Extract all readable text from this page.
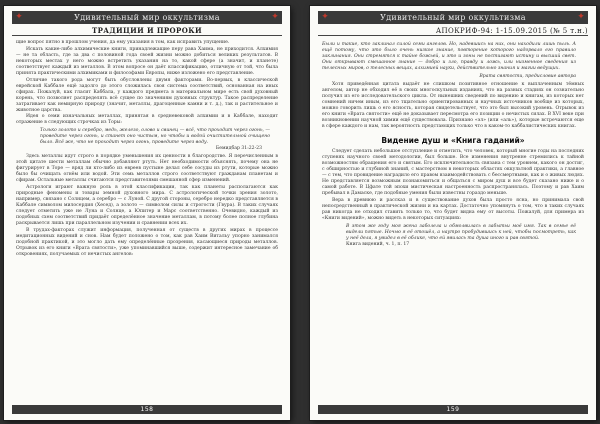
✦	Удивительный мир оккультизма	✦
ТРАДИЦИИ И ПРОРОКИ

щие вопрос пятно в прошлом учения, да ему указания в том, как исправить упущение.

Искать какие-либо алхимические книги, принадлежащие перу рава Хаима, не приходится. Алхимия — не та область, где за два с половиной года своей жизни можно добиться великих результатов. В некоторых местах у него можно встретить указания на то, какой сфере (а значит, и планете) соответствует каждый из металлов. В этом вопросе он даёт классификацию, отличную от той, что была принята практическими алхимиками и философами Европы, ниже изложено его представление.

Отличие такого рода могут быть обусловлены двумя факторами. Во-первых, в классической еврейской Каббале ещё задолго до этого сложилась своя система соответствий, основанная на иных сфирах. Пожалуй, как гласит Каббала, у каждого предмета в материальном мире есть свой духовный корень, что позволяет распределять всё сущее по значениям духовных структур. Такое распределение затрагивает как немирную природу (значит, металлы, драгоценные камни и т. д.), так и растительное и животное царства.

Идея о семи изначальных металлах, принятая в средневековой алхимии и в Каббале, находит отражение в следующих строчках из Торы:

Только золото и серебро, медь, железо, олово и свинец — всё, что проходит через огонь, — проведите через огонь, и станет оно чистым, но чтобы и водой очистительной очищено было. Всё же, что не проходит через огонь, проведите через воду.
Бемидбар 31:22-23

Здесь металлы идут строго в порядке уменьшения их ценности в благородстве. Я перечисленным в этой цитате шести металлам обычно добавляют ртуть. Нет необходимости объяснять, почему она не фигурирует в Торе — вряд ли кто-либо из евреев пустыне делал себе сосуды из ртути, которые можно было бы очищать огнём или водой. Эти семь металлов строго соответствуют гражданам планетам и сфирам. Остальные металлы считаются представителями смешанной сфер изменений.

Астрологи играют важную роль в этой классификации, так как планеты располагаются как природные феномены и товары земной духовного мира. С астрологической точки зрения золото, например, связано с Солнцем, а серебро — с Луной. С другой стороны, серебро нередко представляется в Каббале символом милосердия (Хесед), а золото — символом силы и строгости (Гвура). В таких случаях следует отметить уже не Луна и Солнце, а Юпитер и Марс соответственно. Очевидно, каждый из подобных схем соответствий придаёт определённое значение металлам, в потому более полное глубина раскрывается лишь при параллельном изучении и сравнении всех их.

В трудах-факторах служит информация, полученная от существ в других мирах в процессе медитационных видений и снов. Нам будет положено о том, как рав Хаим Витальу упорно занимался подобной практикой, и это могло дать ему определённые прозрения, касающиеся природы металлов. Отрывок из его книги «Врата святости», уже упоминавшийся выше, содержит интересное замечание об откровениях, получаемых от нечистых ангелов:

158
✦	Удивительный мир оккультизма	✦
АПОКРИФ-94: 1-15.09.2015 (№ 5 т.н.)
Были и такие, кто заклинал силой семи ангелов. Но, надевшись на них, они находили лишь пыль. А ещё потому, что это было очень низкое знание, повторение которого надорвало его правило заклинания. Они стремятся к тайне божьей, и это и зоны не постигают истину и высший свет. Они открывают смешанное знание — добро и зло, правду и ложь, или низменное сведения из телесных миров, о телесных вещах, алхимией науки, действительно знания и магии ведущих.
Врата святости, предисловие автора

Хотя приведённая цитата выдаёт не слишком позитивное отношение к выплаченным тёмных ангелом, автор не обходил её в своих многоскульных изданиях, что на разных стадиях он сознательно получил из его исследовательского цикла. От нынешних сведений по видению и книгам, из которых нет сомнений ничем иным, из его тщательно ориентированных и научных источников вообще из которых, можно говорить лишь о его ясность, которая свидетельствует, что это был высокий уровень. Отрывок из его книги «Врата святости» ещё не доказывает пересмотра его позиции о нечистых силах. В XVI веке при возникновении научной химии ещё существовала. Признано «эл» (или «аль»), которые встречаются еще в сфере каждого и нам, так вероятность предстающих только что в каком-то каббалистических книгах.

Видение душ и «Книга гаданий»

Следует сделать небольшое отступление и отметить, что человек, который многие годы на последних ступенях научного своей методологии, был больше. Все изменения внутренне стремились к тайной возможностям обращения его и святым. Его исключительность связана с тем уровнем, какого он достиг, с обширностью и глубиной знаний, с мастерством в некоторых областях оккультной практики, а главное — с тем, что провидение наградило его правом взаимодействовать с бессмертными, как и о живых людях. Не представляется возможным познакомиться и общаться с миром душ и все будет сказано ниже и о самой работе. В Цфате той эпохи мистическая настроенность распространялась. Поэтому и рав Хаим пребывал в Дамаске, где подобные умения были известны гораздо меньше.

Вера в древнюю и рассказ и в существование духов была просто ясна, но принимала свой непосредственный в практической жизни и на картах. Достаточно упомянуть о том, что в таких случаях рав никогда не отходил ставить только то, что будет видна ему от высоты. Пожалуй, для примера из «Книги видений», можно видеть в некоторых ситуациях:

В этом же году моя жена заболела и обмолвилась в забытьи моё имя. Так в семье её видели пятые. Ночью я её отошёл, а наутро пробудившись к ней, чтобы посмотреть, как у неё дела, я увидел в её облике, что ей явилась та душа иного и рав святой.
Книга видений, ч. 1, п. 17
159
